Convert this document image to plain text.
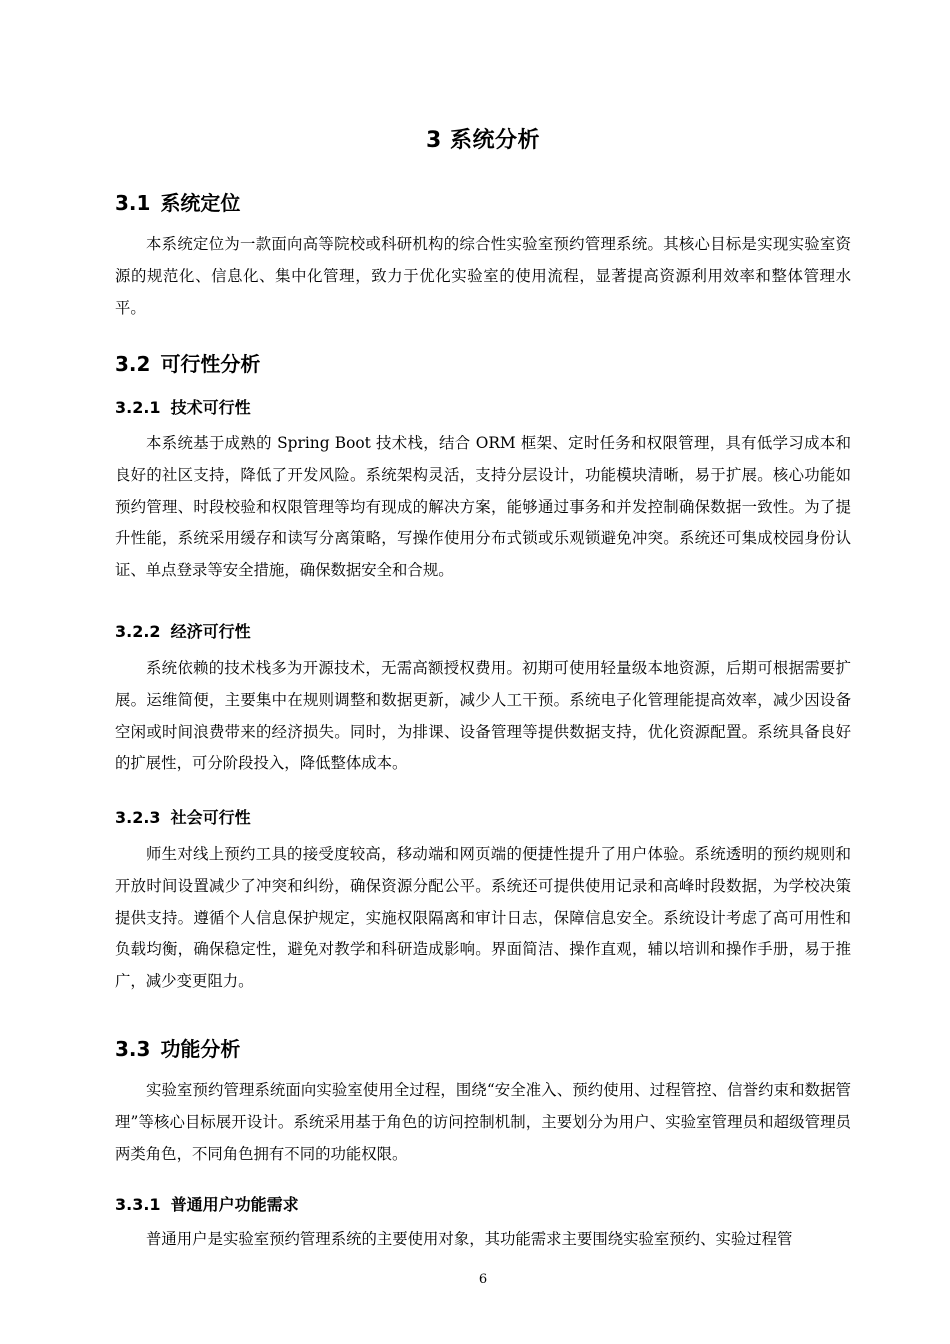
3 系统分析
3.1 系统定位

本系统定位为一款面向高等院校或科研机构的综合性实验室预约管理系统。其核心目标是实现实验室资源的规范化、信息化、集中化管理，致力于优化实验室的使用流程，显著提高资源利用效率和整体管理水平。

3.2 可行性分析
3.2.1 技术可行性

本系统基于成熟的 Spring Boot 技术栈，结合 ORM 框架、定时任务和权限管理，具有低学习成本和良好的社区支持，降低了开发风险。系统架构灵活，支持分层设计，功能模块清晰，易于扩展。核心功能如预约管理、时段校验和权限管理等均有现成的解决方案，能够通过事务和并发控制确保数据一致性。为了提升性能，系统采用缓存和读写分离策略，写操作使用分布式锁或乐观锁避免冲突。系统还可集成校园身份认证、单点登录等安全措施，确保数据安全和合规。

3.2.2 经济可行性

系统依赖的技术栈多为开源技术，无需高额授权费用。初期可使用轻量级本地资源，后期可根据需要扩展。运维简便，主要集中在规则调整和数据更新，减少人工干预。系统电子化管理能提高效率，减少因设备空闲或时间浪费带来的经济损失。同时，为排课、设备管理等提供数据支持，优化资源配置。系统具备良好的扩展性，可分阶段投入，降低整体成本。

3.2.3 社会可行性

师生对线上预约工具的接受度较高，移动端和网页端的便捷性提升了用户体验。系统透明的预约规则和开放时间设置减少了冲突和纠纷，确保资源分配公平。系统还可提供使用记录和高峰时段数据，为学校决策提供支持。遵循个人信息保护规定，实施权限隔离和审计日志，保障信息安全。系统设计考虑了高可用性和负载均衡，确保稳定性，避免对教学和科研造成影响。界面简洁、操作直观，辅以培训和操作手册，易于推广，减少变更阻力。

3.3 功能分析

实验室预约管理系统面向实验室使用全过程，围绕“安全准入、预约使用、过程管控、信誉约束和数据管理”等核心目标展开设计。系统采用基于角色的访问控制机制，主要划分为用户、实验室管理员和超级管理员两类角色，不同角色拥有不同的功能权限。

3.3.1 普通用户功能需求

普通用户是实验室预约管理系统的主要使用对象，其功能需求主要围绕实验室预约、实验过程管

6
